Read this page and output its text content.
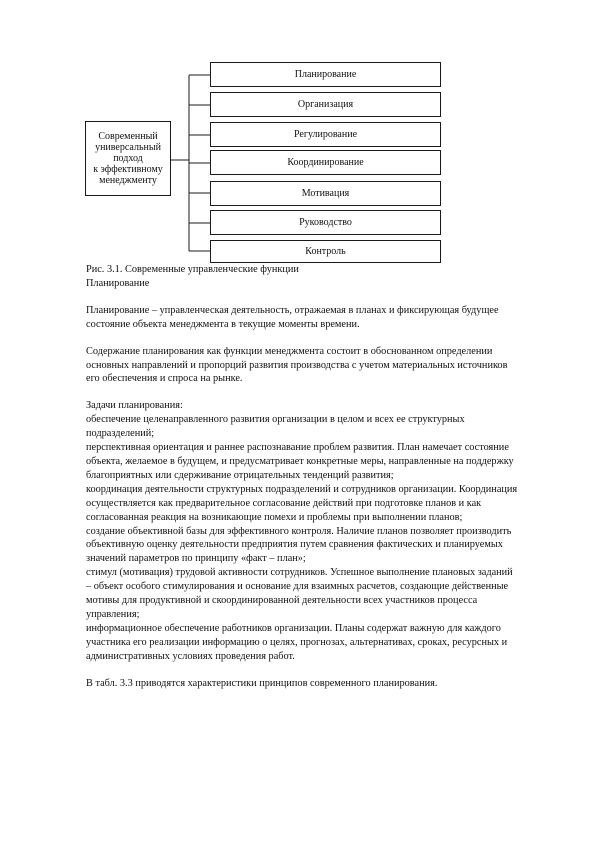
Современный
универсальный
подход
к эффективному
менеджменту
Планирование
Организация
Регулирование
Координирование
Мотивация
Руководство
Контроль

Рис. 3.1. Современные управленческие функции

Планирование

Планирование – управленческая деятельность, отражаемая в планах и фиксирующая будущее состояние объекта менеджмента в текущие моменты времени.

Содержание планирования как функции менеджмента состоит в обоснованном определении основных направлений и пропорций развития производства с учетом материальных источников его обеспечения и спроса на рынке.

Задачи планирования:

обеспечение целенаправленного развития организации в целом и всех ее структурных подразделений;

перспективная ориентация и раннее распознавание проблем развития. План намечает состояние объекта, желаемое в будущем, и предусматривает конкретные меры, направленные на поддержку благоприятных или сдерживание отрицательных тенденций развития;

координация деятельности структурных подразделений и сотрудников организации. Координация осуществляется как предварительное согласование действий при подготовке планов и как согласованная реакция на возникающие помехи и проблемы при выполнении планов;

создание объективной базы для эффективного контроля. Наличие планов позволяет производить объективную оценку деятельности предприятия путем сравнения фактических и планируемых значений параметров по принципу «факт – план»;

стимул (мотивация) трудовой активности сотрудников. Успешное выполнение плановых заданий – объект особого стимулирования и основание для взаимных расчетов, создающие действенные мотивы для продуктивной и скоординированной деятельности всех участников процесса управления;

информационное обеспечение работников организации. Планы содержат важную для каждого участника его реализации информацию о целях, прогнозах, альтернативах, сроках, ресурсных и административных условиях проведения работ.

В табл. 3.3 приводятся характеристики принципов современного планирования.
